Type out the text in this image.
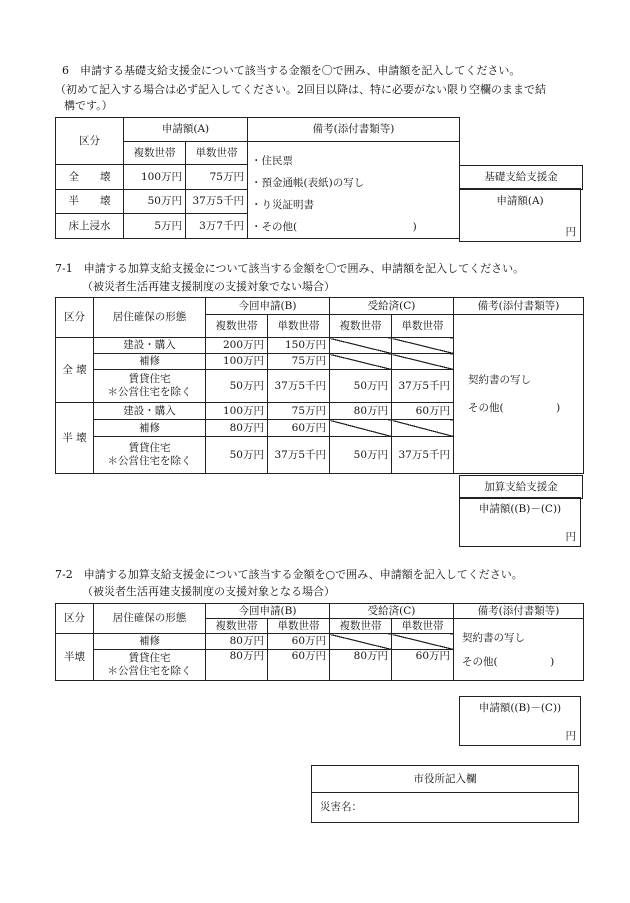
6　申請する基礎支給支援金について該当する金額を〇で囲み、申請額を記入してください。
（初めて記入する場合は必ず記入してください。2回目以降は、特に必要がない限り空欄のままで結
構です。）
区分	申請額(A)		備考(添付書類等)
	複数世帯	単数世帯	・住民票
・預金通帳(表紙)の写し
・り災証明書
・その他(　　　　　　　　　　　)

全　　壊	100万円	75万円	
半　　壊	50万円	37万5千円	
床上浸水	5万円	3万7千円	
基礎支給支援金
申請額(A)
円
7-1　申請する加算支給支援金について該当する金額を〇で囲み、申請額を記入してください。
（被災者生活再建支援制度の支援対象でない場合）
区分	居住確保の形態	今回申請(B)		受給済(C)		備考(添付書類等)
		複数世帯	単数世帯	複数世帯	単数世帯	契約書の写し
その他(　　　　　)

全 壊	建設・購入	200万円	150万円			
	補修	100万円	75万円			

	賃貸住宅
＊公営住宅を除く	50万円	37万5千円	50万円	37万5千円	
半 壊	建設・購入	100万円	75万円	80万円	60万円	
	補修	80万円	60万円			

	賃貸住宅
＊公営住宅を除く	50万円	37万5千円	50万円	37万5千円	
加算支給支援金
申請額((B)－(C))
円
7-2　申請する加算支給支援金について該当する金額を○で囲み、申請額を記入してください。
（被災者生活再建支援制度の支援対象となる場合）
区分	居住確保の形態	今回申請(B)		受給済(C)		備考(添付書類等)
		複数世帯	単数世帯	複数世帯	単数世帯	契約書の写し
その他(　　　　　)

半壊	補修	80万円	60万円			

	賃貸住宅
＊公営住宅を除く	80万円	60万円	80万円	60万円	
申請額((B)－(C))
円
市役所記入欄
災害名：
